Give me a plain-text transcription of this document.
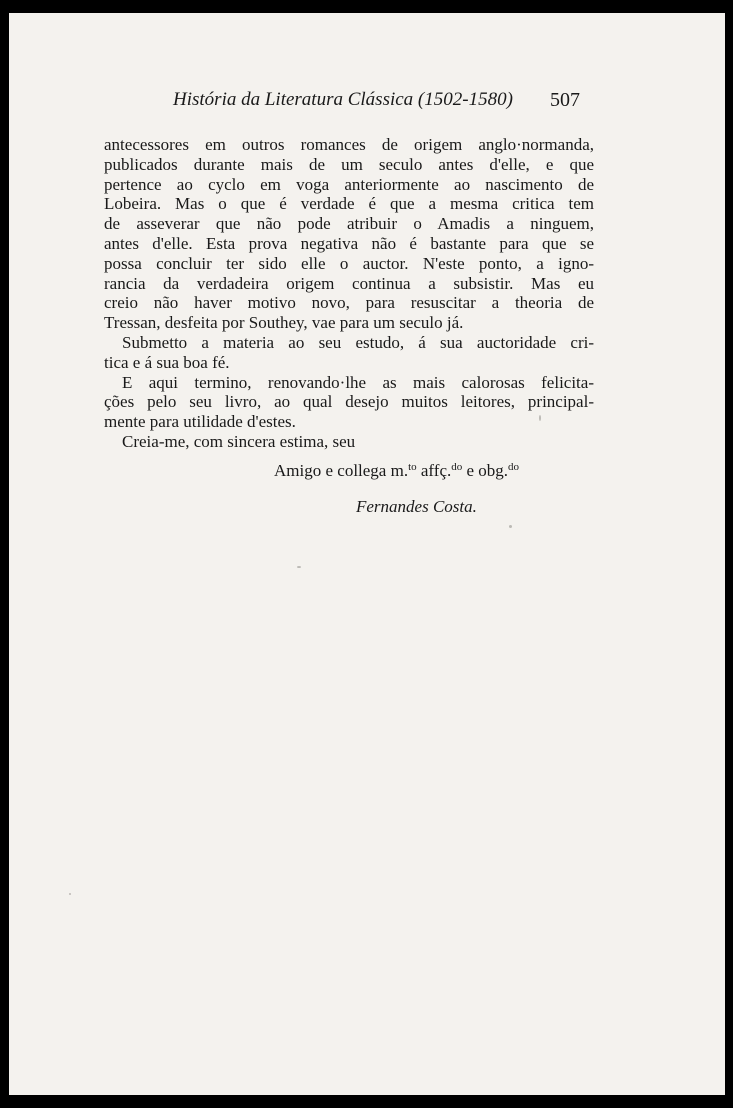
História da Literatura Clássica (1502-1580)	507
antecessores em outros romances de origem anglo·normanda,
publicados durante mais de um seculo antes d'elle, e que
pertence ao cyclo em voga anteriormente ao nascimento de
Lobeira. Mas o que é verdade é que a mesma critica tem
de asseverar que não pode atribuir o Amadis a ninguem,
antes d'elle. Esta prova negativa não é bastante para que se
possa concluir ter sido elle o auctor. N'este ponto, a igno-
rancia da verdadeira origem continua a subsistir. Mas eu
creio não haver motivo novo, para resuscitar a theoria de
Tressan, desfeita por Southey, vae para um seculo já.
Submetto a materia ao seu estudo, á sua auctoridade cri-
tica e á sua boa fé.
E aqui termino, renovando·lhe as mais calorosas felicita-
ções pelo seu livro, ao qual desejo muitos leitores, principal-
mente para utilidade d'estes.
Creia-me, com sincera estima, seu
Amigo e collega m.$^{to}$ affç.$^{do}$ e obg.$^{do}$
Fernandes Costa.
